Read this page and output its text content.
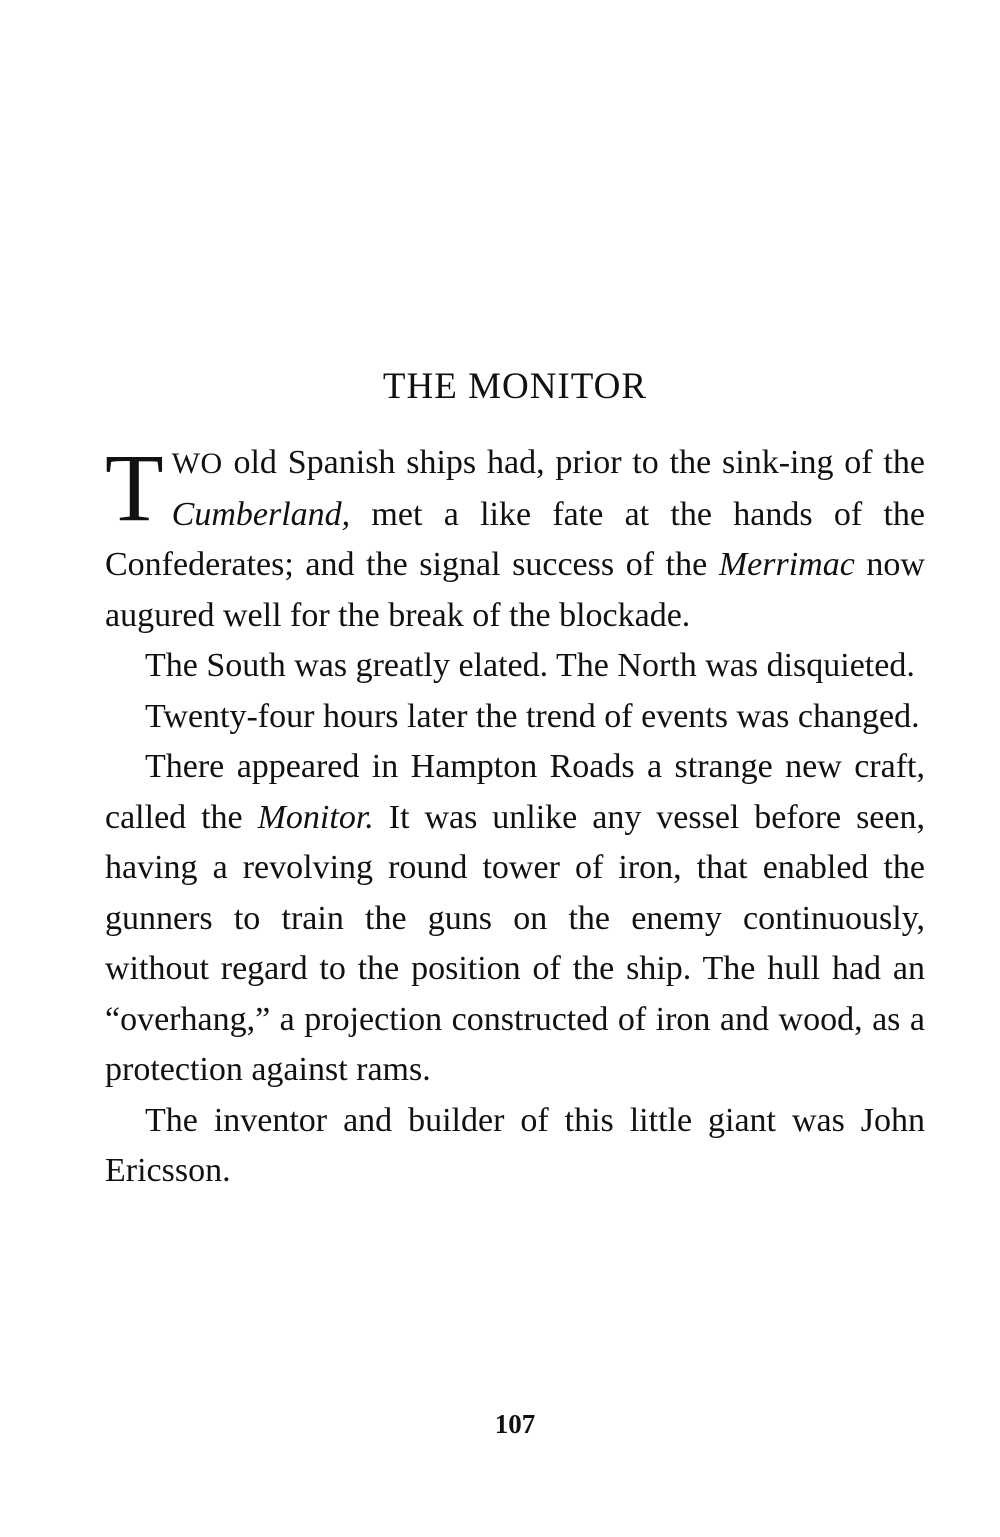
THE MONITOR

TWO old Spanish ships had, prior to the sink-ing of the Cumberland, met a like fate at the hands of the Confederates; and the signal success of the Merrimac now augured well for the break of the blockade.

The South was greatly elated. The North was disquieted.

Twenty-four hours later the trend of events was changed.

There appeared in Hampton Roads a strange new craft, called the Monitor. It was unlike any vessel before seen, having a revolving round tower of iron, that enabled the gunners to train the guns on the enemy continuously, without regard to the position of the ship. The hull had an “overhang,” a projection constructed of iron and wood, as a protection against rams.

The inventor and builder of this little giant was John Ericsson.

107
